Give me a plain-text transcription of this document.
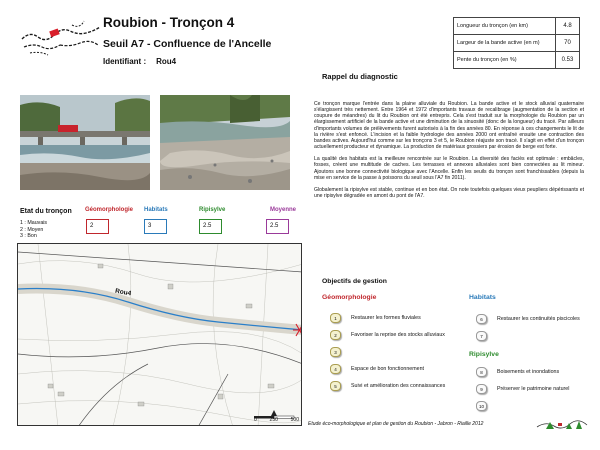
Roubion - Tronçon 4
Seuil A7 - Confluence de l'Ancelle
Identifiant : Rou4
Longueur du tronçon (en km)	4.8
Largeur de la bande active (en m)	70
Pente du tronçon (en %)	0.53
Rappel du diagnostic

Ce tronçon marque l'entrée dans la plaine alluviale du Roubion. La bande active et le stock alluvial quaternaire s'élargissent très nettement. Entre 1964 et 1972 d'importants travaux de recalibrage (augmentation de la section et coupure de méandres) du lit du Roubion ont été entrepris. Cela s'est traduit sur la morphologie du Roubion par un élargissement artificiel de la bande active et une diminution de la sinuosité (donc de la longueur) du tracé. Par ailleurs d'importants volumes de prélèvements furent autorisés à la fin des années 80. En réponse à ces changements le lit de la rivière s'est enfoncé. L'incision et la faible hydrologie des années 2000 ont entraîné ensuite une contraction des bandes actives. Aujourd'hui comme sur les tronçons 3 et 5, le Roubion réajuste son tracé. Il s'agit en effet d'un tronçon actuellement producteur et dynamique. La production de matériaux grossiers par érosion de berge est forte.

La qualité des habitats est la meilleure rencontrée sur le Roubion. La diversité des faciès est optimale : embâcles, fosses, créent une multitude de caches. Les terrasses et annexes alluviales sont bien connectées au lit mineur. Ajoutons une bonne connectivité biologique avec l'Ancelle. Enfin les seuils du tronçon sont franchissables (depuis la mise en service de la passe à poissons du seuil sous l'A7 fin 2011).

Globalement la ripisylve est stable, continue et en bon état. On note toutefois quelques vieux peupliers dépérissants et une ripisylve dégradée en amont du pont de l'A7.

Etat du tronçon
1 : Mauvais
2 : Moyen
3 : Bon
Géomorphologie
2
Habitats
3
Ripisylve
2.5
Moyenne
2.5
Rou4
0	250	500
Objectifs de gestion
Géomorphologie	Habitats
Ripisylve
1	Restaurer les formes fluviales
2	Favoriser la reprise des stocks alluviaux
3
4	Espace de bon fonctionnement
5	Suivi et amélioration des connaissances
6	Restaurer les continuités piscicoles
7
8	Boisements et inondations
9	Préserver le patrimoine naturel
10
Etude éco-morphologique et plan de gestion du Roubion - Jabron - Riaille 2012
